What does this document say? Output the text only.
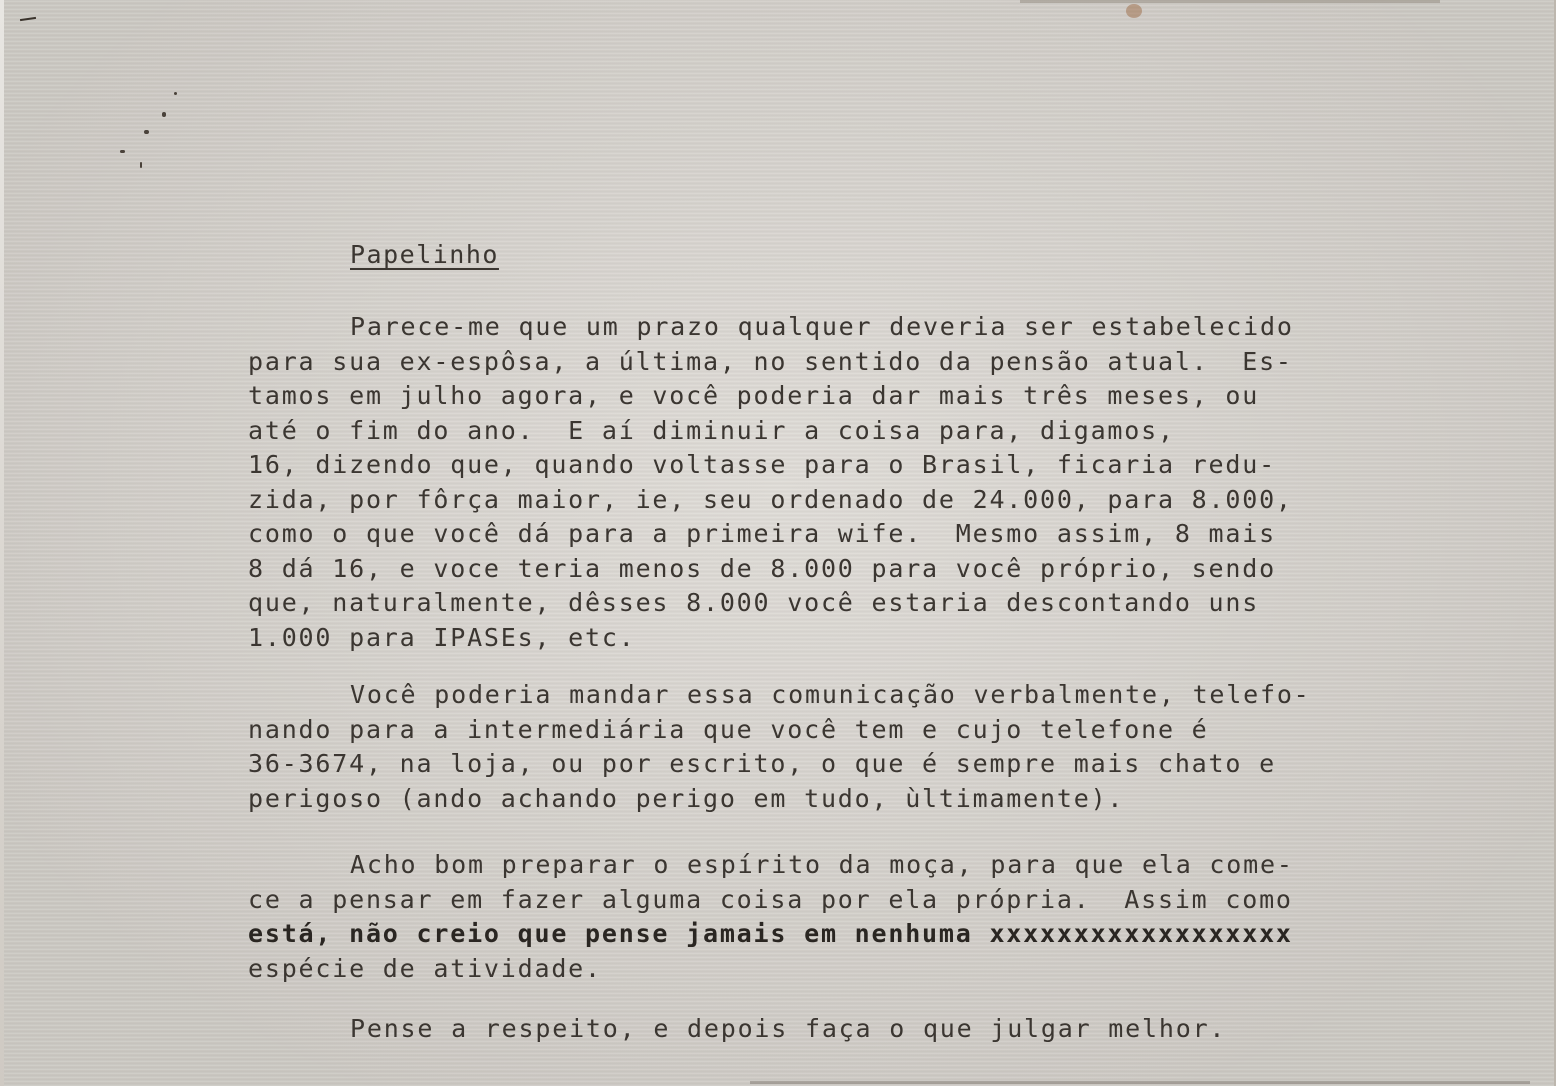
Papelinho
Parece-me que um prazo qualquer deveria ser estabelecido
para sua ex-espôsa, a última, no sentido da pensão atual.  Es-
tamos em julho agora, e você poderia dar mais três meses, ou
até o fim do ano.  E aí diminuir a coisa para, digamos,
16, dizendo que, quando voltasse para o Brasil, ficaria redu-
zida, por fôrça maior, ie, seu ordenado de 24.000, para 8.000,
como o que você dá para a primeira wife.  Mesmo assim, 8 mais
8 dá 16, e voce teria menos de 8.000 para você próprio, sendo
que, naturalmente, dêsses 8.000 você estaria descontando uns
1.000 para IPASEs, etc.
Você poderia mandar essa comunicação verbalmente, telefo-
nando para a intermediária que você tem e cujo telefone é
36-3674, na loja, ou por escrito, o que é sempre mais chato e
perigoso (ando achando perigo em tudo, ùltimamente).
Acho bom preparar o espírito da moça, para que ela come-
ce a pensar em fazer alguma coisa por ela própria.  Assim como
está, não creio que pense jamais em nenhuma xxxxxxxxxxxxxxxxxx
espécie de atividade.
Pense a respeito, e depois faça o que julgar melhor.
